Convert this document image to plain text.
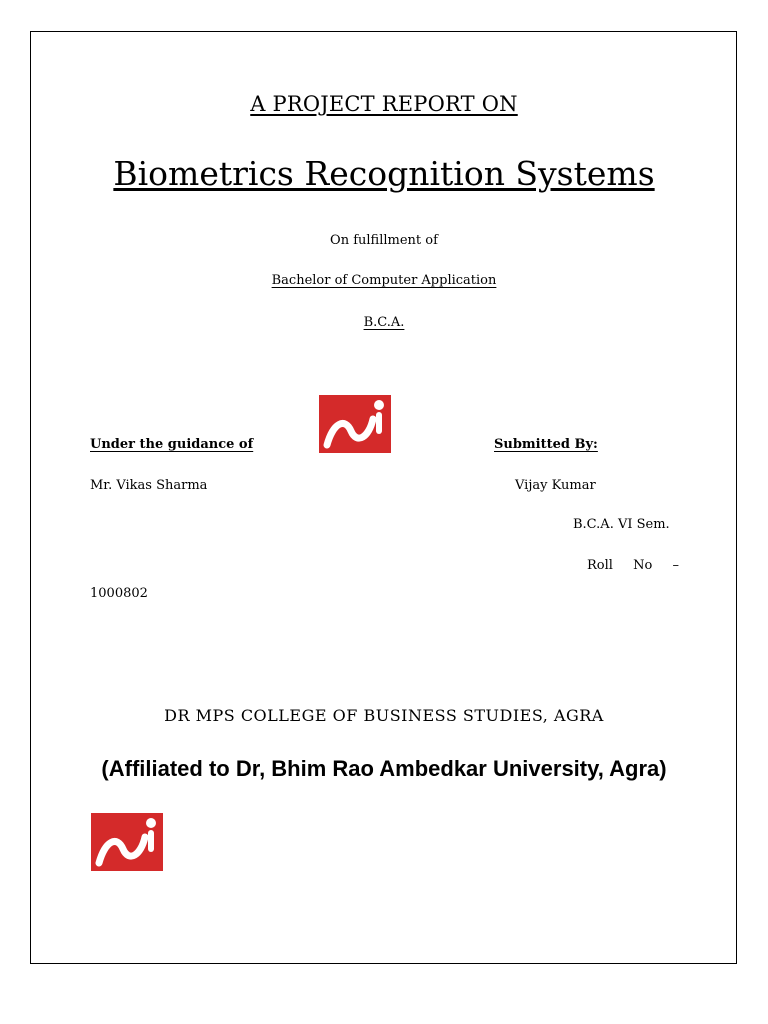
A PROJECT REPORT ON
Biometrics Recognition Systems
On fulfillment of
Bachelor of Computer Application
B.C.A.
Under the guidance of
Mr. Vikas Sharma
Submitted By:
Vijay Kumar
B.C.A. VI Sem.
Roll No –
1000802
DR MPS COLLEGE OF BUSINESS STUDIES, AGRA
(Affiliated to Dr, Bhim Rao Ambedkar University, Agra)
